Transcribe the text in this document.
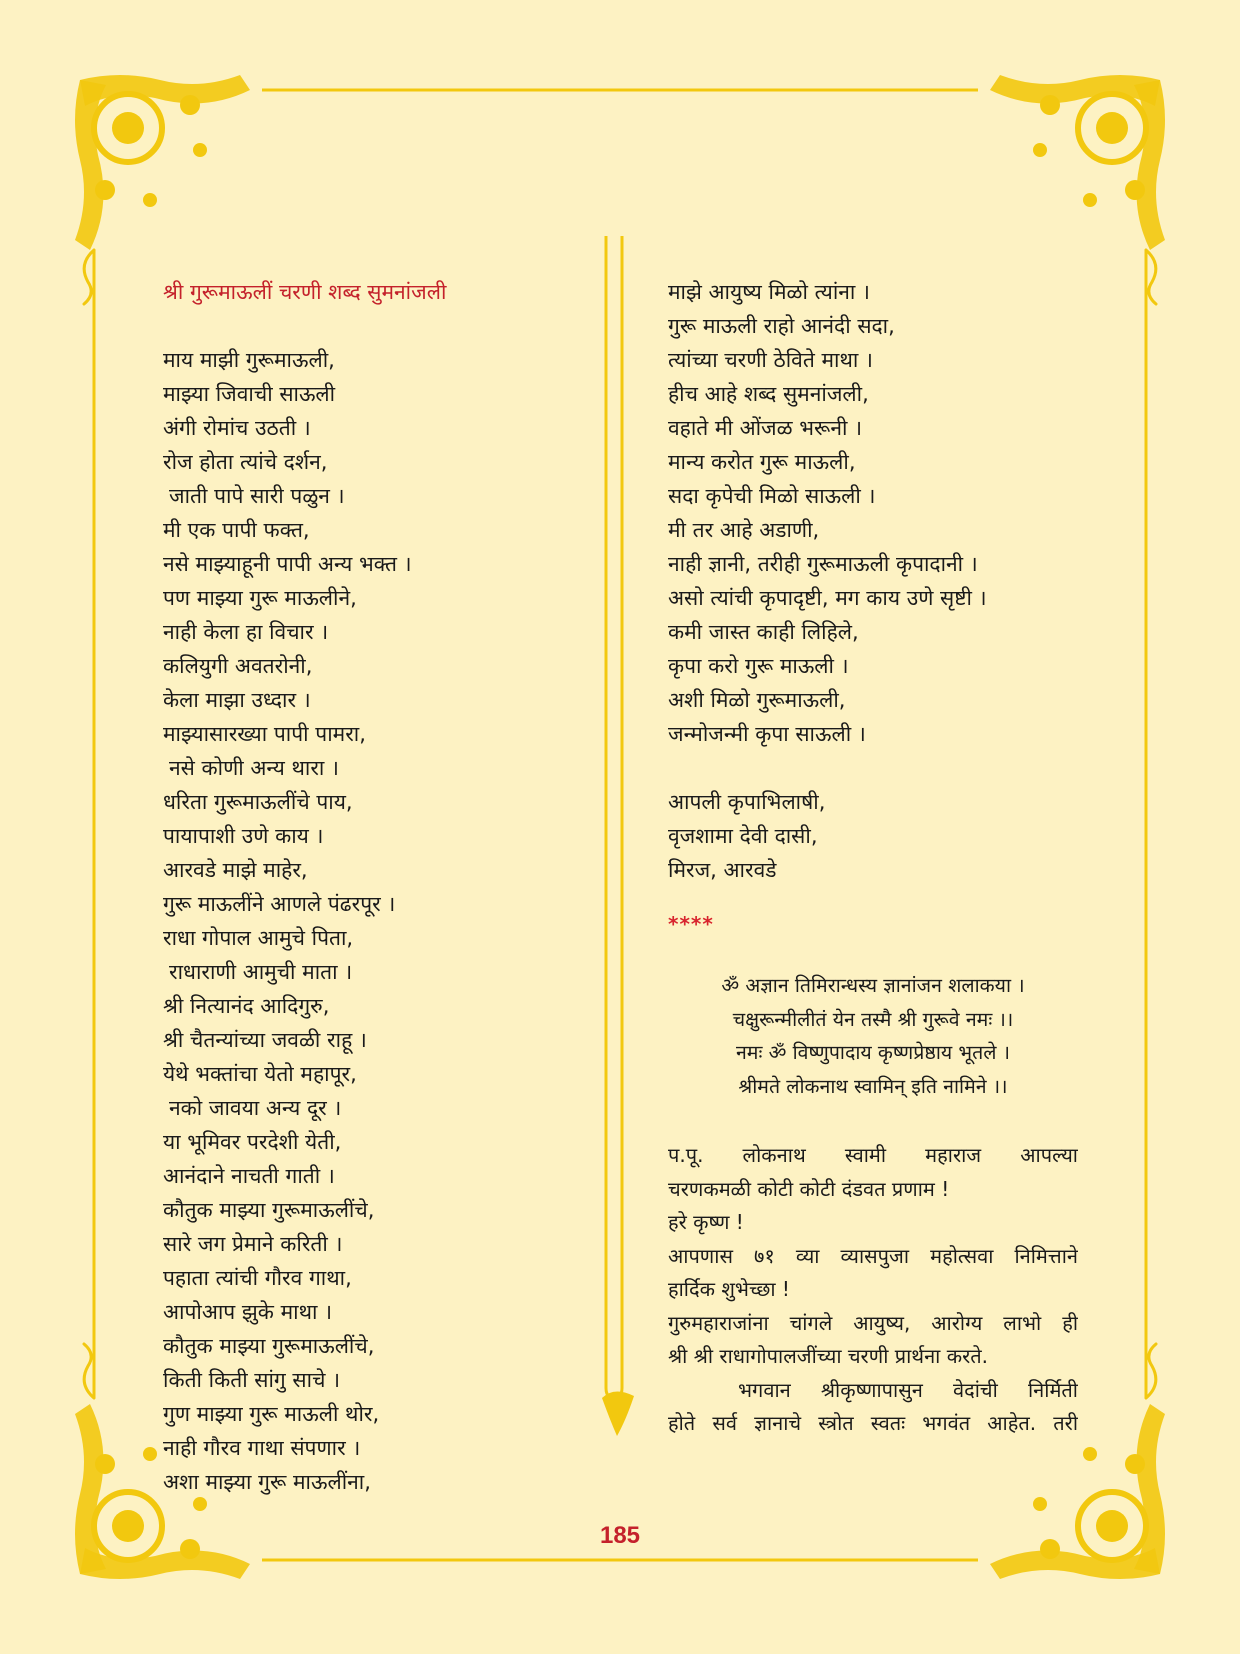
श्री गुरूमाऊलीं चरणी शब्द सुमनांजली
माय माझी गुरूमाऊली,
माझ्या जिवाची साऊली
अंगी रोमांच उठती ।
रोज होता त्यांचे दर्शन,
जाती पापे सारी पळुन ।
मी एक पापी फक्त,
नसे माझ्याहूनी पापी अन्य भक्त ।
पण माझ्या गुरू माऊलीने,
नाही केला हा विचार ।
कलियुगी अवतरोनी,
केला माझा उध्दार ।
माझ्यासारख्या पापी पामरा,
नसे कोणी अन्य थारा ।
धरिता गुरूमाऊलींचे पाय,
पायापाशी उणे काय ।
आरवडे माझे माहेर,
गुरू माऊलींने आणले पंढरपूर ।
राधा गोपाल आमुचे पिता,
राधाराणी आमुची माता ।
श्री नित्यानंद आदिगुरु,
श्री चैतन्यांच्या जवळी राहू ।
येथे भक्तांचा येतो महापूर,
नको जावया अन्य दूर ।
या भूमिवर परदेशी येती,
आनंदाने नाचती गाती ।
कौतुक माझ्या गुरूमाऊलींचे,
सारे जग प्रेमाने करिती ।
पहाता त्यांची गौरव गाथा,
आपोआप झुके माथा ।
कौतुक माझ्या गुरूमाऊलींचे,
किती किती सांगु साचे ।
गुण माझ्या गुरू माऊली थोर,
नाही गौरव गाथा संपणार ।
अशा माझ्या गुरू माऊलींना,
माझे आयुष्य मिळो त्यांना ।
गुरू माऊली राहो आनंदी सदा,
त्यांच्या चरणी ठेविते माथा ।
हीच आहे शब्द सुमनांजली,
वहाते मी ओंजळ भरूनी ।
मान्य करोत गुरू माऊली,
सदा कृपेची मिळो साऊली ।
मी तर आहे अडाणी,
नाही ज्ञानी, तरीही गुरूमाऊली कृपादानी ।
असो त्यांची कृपादृष्टी, मग काय उणे सृष्टी ।
कमी जास्त काही लिहिले,
कृपा करो गुरू माऊली ।
अशी मिळो गुरूमाऊली,
जन्मोजन्मी कृपा साऊली ।
आपली कृपाभिलाषी,
वृजशामा देवी दासी,
मिरज, आरवडे
****
ॐ अज्ञान तिमिरान्धस्य ज्ञानांजन शलाकया ।
चक्षुरून्मीलीतं येन तस्मै श्री गुरूवे नमः ।।
नमः ॐ विष्णुपादाय कृष्णप्रेष्ठाय भूतले ।
श्रीमते लोकनाथ स्वामिन् इति नामिने ।।
प.पू. लोकनाथ स्वामी महाराज आपल्या
चरणकमळी कोटी कोटी दंडवत प्रणाम !
हरे कृष्ण !
आपणास ७१ व्या व्यासपुजा महोत्सवा निमित्ताने
हार्दिक शुभेच्छा !
गुरुमहाराजांना चांगले आयुष्य, आरोग्य लाभो ही
श्री श्री राधागोपालजींच्या चरणी प्रार्थना करते.
भगवान श्रीकृष्णापासुन वेदांची निर्मिती
होते सर्व ज्ञानाचे स्त्रोत स्वतः भगवंत आहेत. तरी
185
